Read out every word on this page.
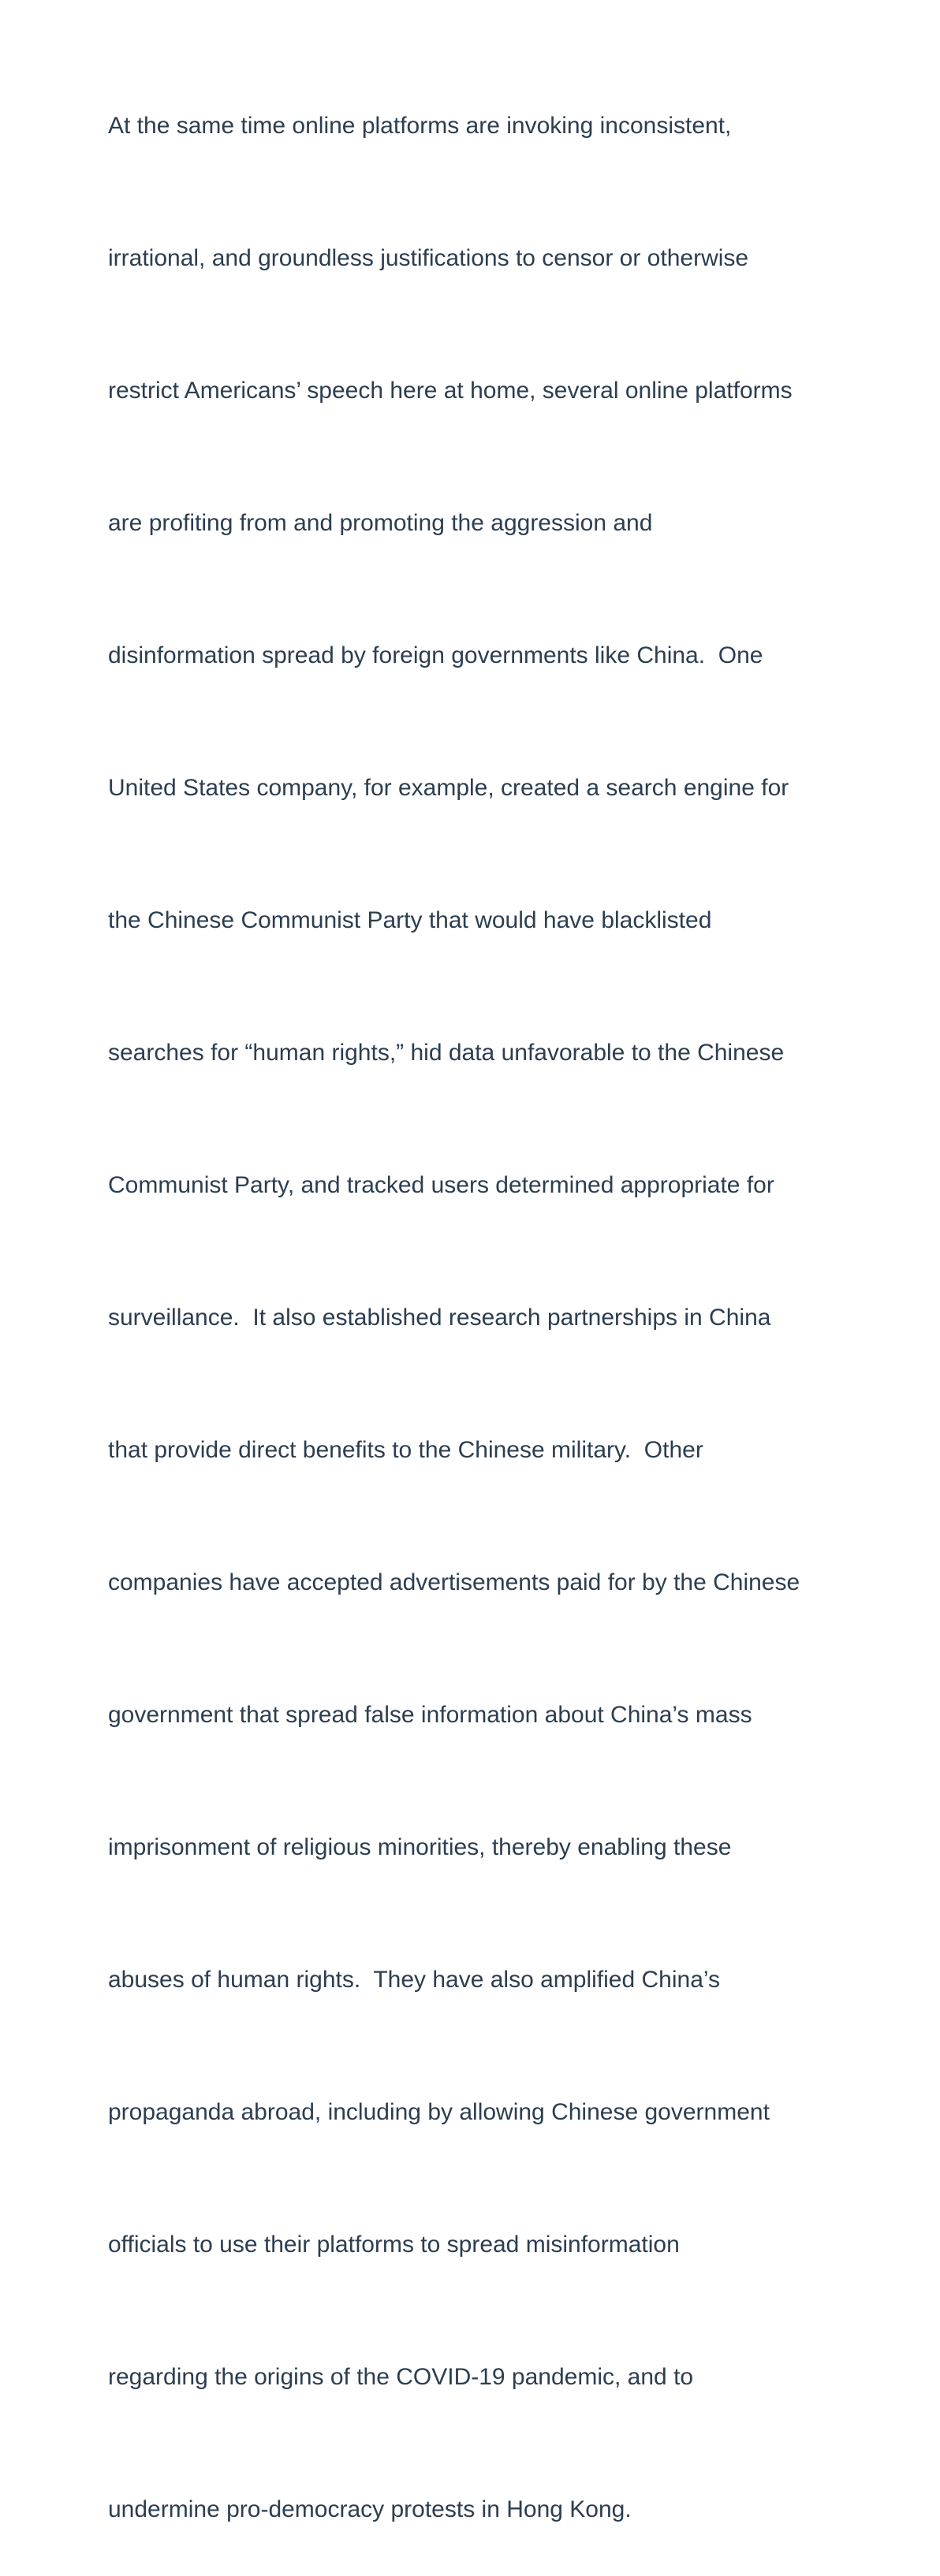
At the same time online platforms are invoking inconsistent,

irrational, and groundless justifications to censor or otherwise

restrict Americans’ speech here at home, several online platforms

are profiting from and promoting the aggression and

disinformation spread by foreign governments like China.  One

United States company, for example, created a search engine for

the Chinese Communist Party that would have blacklisted

searches for “human rights,” hid data unfavorable to the Chinese

Communist Party, and tracked users determined appropriate for

surveillance.  It also established research partnerships in China

that provide direct benefits to the Chinese military.  Other

companies have accepted advertisements paid for by the Chinese

government that spread false information about China’s mass

imprisonment of religious minorities, thereby enabling these

abuses of human rights.  They have also amplified China’s

propaganda abroad, including by allowing Chinese government

officials to use their platforms to spread misinformation

regarding the origins of the COVID-19 pandemic, and to

undermine pro-democracy protests in Hong Kong.
